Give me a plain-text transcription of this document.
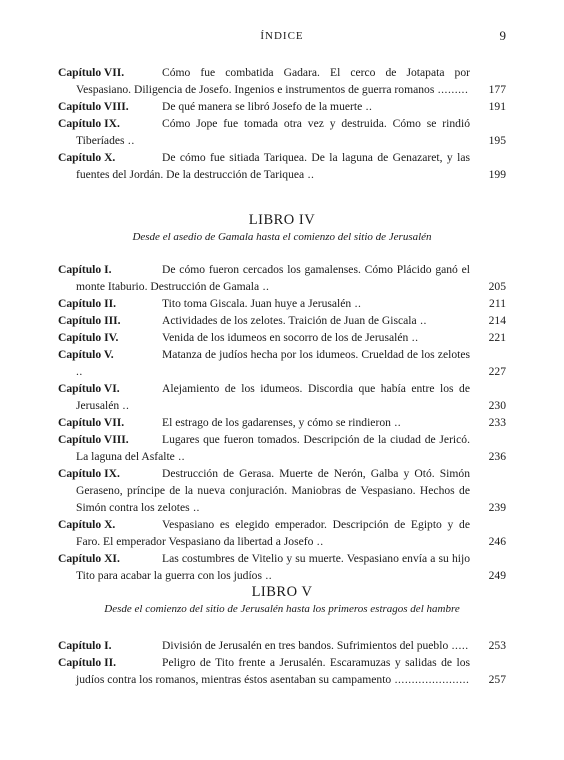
ÍNDICE	9
Capítulo VII.	Cómo fue combatida Gadara. El cerco de Jotapata por Vespasiano. Diligencia de Josefo. Ingenios e instrumentos de guerra romanos .........	177
Capítulo VIII.	De qué manera se libró Josefo de la muerte ..	191
Capítulo IX.	Cómo Jope fue tomada otra vez y destruida. Cómo se rindió Tiberíades ..	195
Capítulo X.	De cómo fue sitiada Tariquea. De la laguna de Genazaret, y las fuentes del Jordán. De la destrucción de Tariquea ..	199
LIBRO IV
Desde el asedio de Gamala hasta el comienzo del sitio de Jerusalén
Capítulo I.	De cómo fueron cercados los gamalenses. Cómo Plácido ganó el monte Itaburio. Destrucción de Gamala ..	205
Capítulo II.	Tito toma Giscala. Juan huye a Jerusalén ..	211
Capítulo III.	Actividades de los zelotes. Traición de Juan de Giscala ..	214
Capítulo IV.	Venida de los idumeos en socorro de los de Jerusalén ..	221
Capítulo V.	Matanza de judíos hecha por los idumeos. Crueldad de los zelotes ..	227
Capítulo VI.	Alejamiento de los idumeos. Discordia que había entre los de Jerusalén ..	230
Capítulo VII.	El estrago de los gadarenses, y cómo se rindieron ..	233
Capítulo VIII.	Lugares que fueron tomados. Descripción de la ciudad de Jericó. La laguna del Asfalte ..	236
Capítulo IX.	Destrucción de Gerasa. Muerte de Nerón, Galba y Otó. Simón Geraseno, príncipe de la nueva conjuración. Maniobras de Vespasiano. Hechos de Simón contra los zelotes ..	239
Capítulo X.	Vespasiano es elegido emperador. Descripción de Egipto y de Faro. El emperador Vespasiano da libertad a Josefo ..	246
Capítulo XI.	Las costumbres de Vitelio y su muerte. Vespasiano envía a su hijo Tito para acabar la guerra con los judíos ..	249
LIBRO V
Desde el comienzo del sitio de Jerusalén hasta los primeros estragos del hambre
Capítulo I.	División de Jerusalén en tres bandos. Sufrimientos del pueblo .....	253
Capítulo II.	Peligro de Tito frente a Jerusalén. Escaramuzas y salidas de los judíos contra los romanos, mientras éstos asentaban su campamento ......................	257
